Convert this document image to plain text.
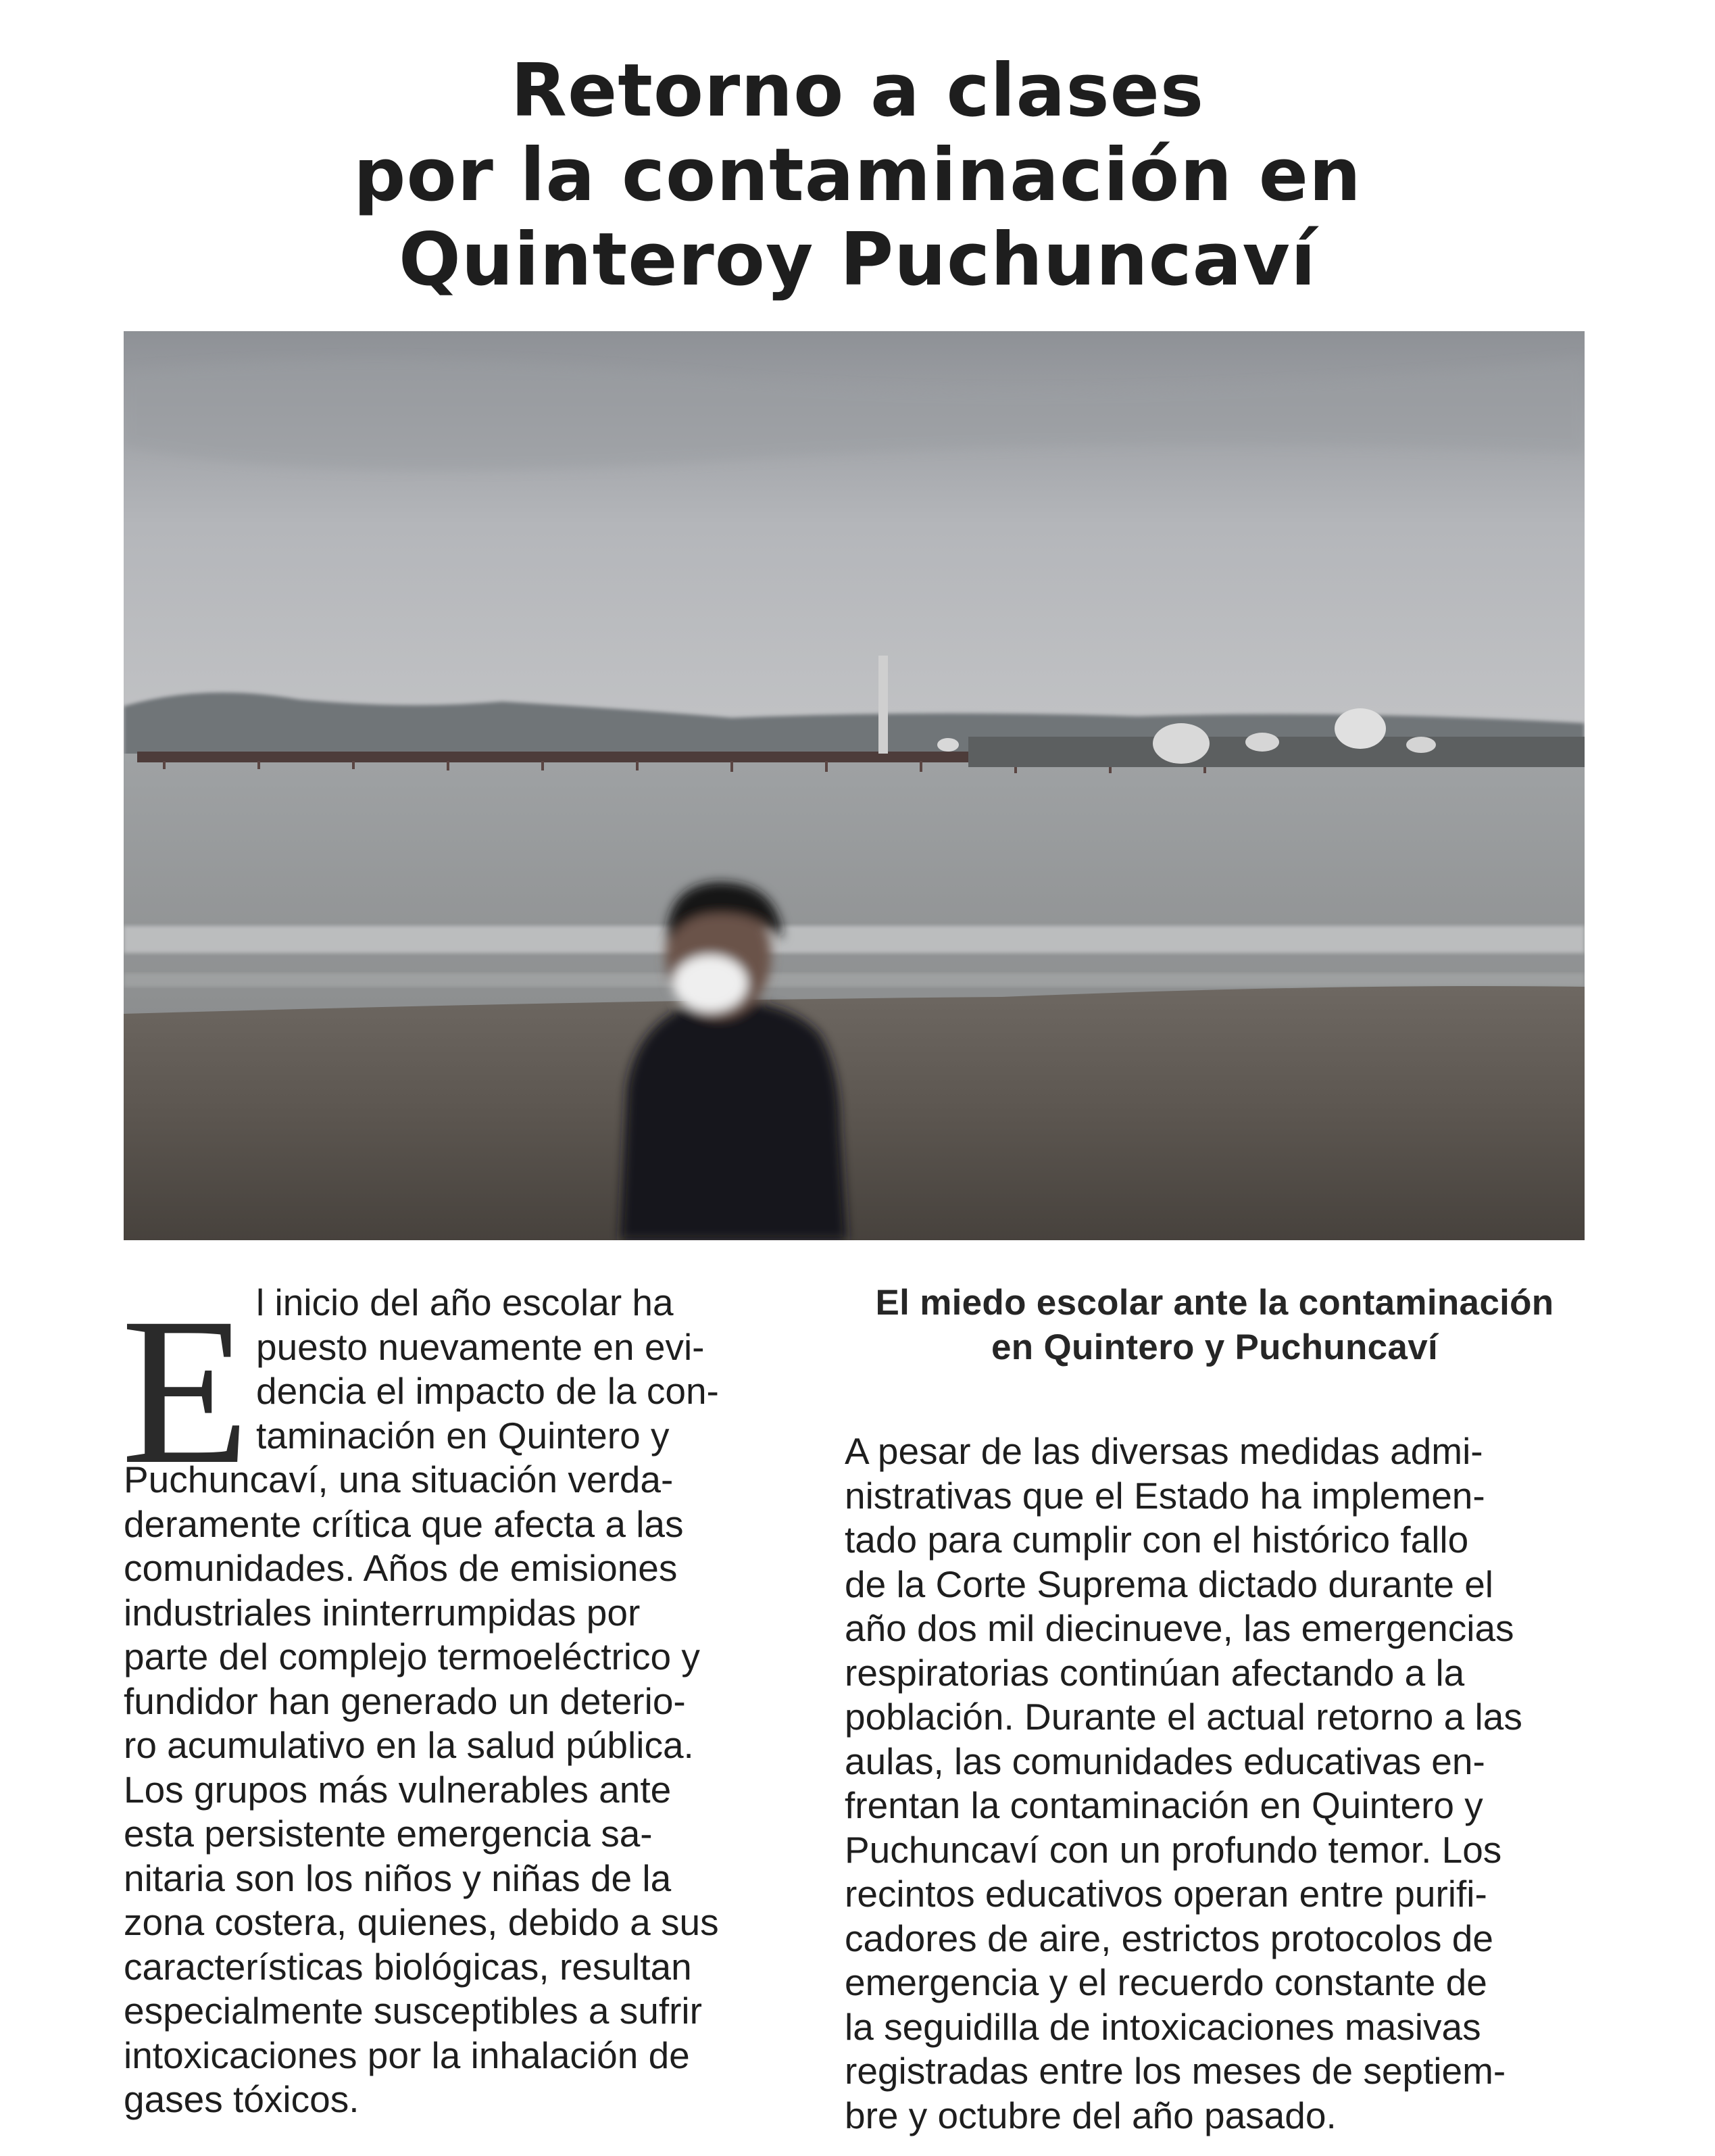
Retorno a clases
por la contaminación en
Quinteroy Puchuncaví
E l inicio del año escolar ha
puesto nuevamente en evi-
dencia el impacto de la con-
taminación en Quintero y
Puchuncaví, una situación verda-
deramente crítica que afecta a las
comunidades. Años de emisiones
industriales ininterrumpidas por
parte del complejo termoeléctrico y
fundidor han generado un deterio-
ro acumulativo en la salud pública.
Los grupos más vulnerables ante
esta persistente emergencia sa-
nitaria son los niños y niñas de la
zona costera, quienes, debido a sus
características biológicas, resultan
especialmente susceptibles a sufrir
intoxicaciones por la inhalación de
gases tóxicos.
El miedo escolar ante la contaminación
en Quintero y Puchuncaví
A pesar de las diversas medidas admi-
nistrativas que el Estado ha implemen-
tado para cumplir con el histórico fallo
de la Corte Suprema dictado durante el
año dos mil diecinueve, las emergencias
respiratorias continúan afectando a la
población. Durante el actual retorno a las
aulas, las comunidades educativas en-
frentan la contaminación en Quintero y
Puchuncaví con un profundo temor. Los
recintos educativos operan entre purifi-
cadores de aire, estrictos protocolos de
emergencia y el recuerdo constante de
la seguidilla de intoxicaciones masivas
registradas entre los meses de septiem-
bre y octubre del año pasado.
